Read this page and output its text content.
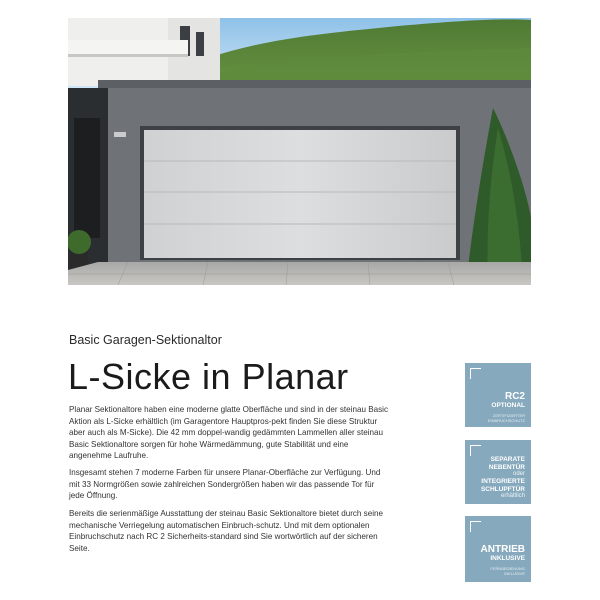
Basic Garagen-Sektionaltor
L-Sicke in Planar
Planar Sektionaltore haben eine moderne glatte Oberfläche und sind in der steinau Basic Aktion als L-Sicke erhältlich (im Garagentore Hauptpros-pekt finden Sie diese Struktur aber auch als M-Sicke). Die 42 mm doppel-wandig gedämmten Lammellen aller steinau Basic Sektionaltore sorgen für hohe Wärmedämmung, gute Stabilität und eine angenehme Laufruhe.
Insgesamt stehen 7 moderne Farben für unsere Planar-Oberfläche zur Verfügung. Und mit 33 Normgrößen sowie zahlreichen Sondergrößen haben wir das passende Tor für jede Öffnung.
Bereits die serienmäßige Ausstattung der steinau Basic Sektionaltore bietet durch seine mechanische Verriegelung automatischen Einbruch-schutz. Und mit dem optionalen Einbruchschutz nach RC 2 Sicherheits-standard sind Sie wortwörtlich auf der sicheren Seite.
RC2
OPTIONAL
ZERTIFIZIERTER
EINBRUCHSCHUTZ
SEPARATE
NEBENTÜR
oder
INTEGRIERTE
SCHLUPFTÜR
erhältlich
ANTRIEB
INKLUSIVE
FERNBEDIENUNG INKLUSIVE
